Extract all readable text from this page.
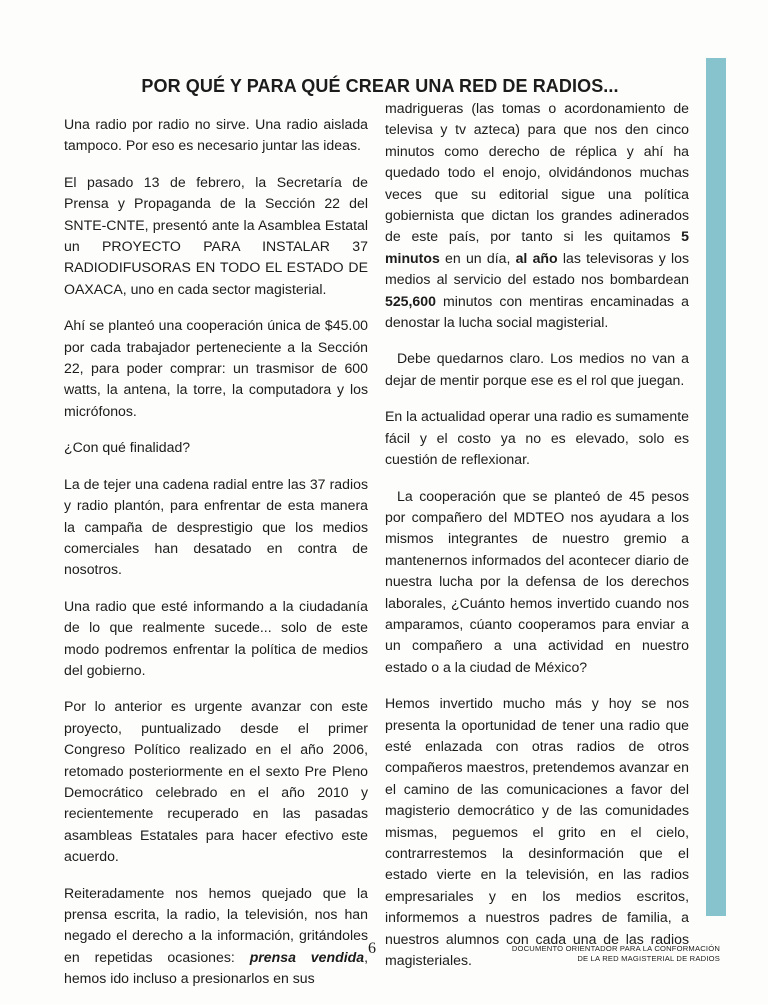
POR QUÉ Y PARA QUÉ CREAR UNA RED DE RADIOS...

Una radio por radio no sirve. Una radio aislada tampoco. Por eso es necesario juntar las ideas.

El pasado 13 de febrero, la Secretaría de Prensa y Propaganda de la Sección 22 del SNTE-CNTE, presentó ante la Asamblea Estatal un PROYECTO PARA INSTALAR 37 RADIODIFUSORAS EN TODO EL ESTADO DE OAXACA, uno en cada sector magisterial.

Ahí se planteó una cooperación única de $45.00 por cada trabajador perteneciente a la Sección 22, para poder comprar: un trasmisor de 600 watts, la antena, la torre, la computadora y los micrófonos.

¿Con qué finalidad?

La de tejer una cadena radial entre las 37 radios y radio plantón, para enfrentar de esta manera la campaña de desprestigio que los medios comerciales han desatado en contra de nosotros.

Una radio que esté informando a la ciudadanía de lo que realmente sucede... solo de este modo podremos enfrentar la política de medios del gobierno.

Por lo anterior es urgente avanzar con este proyecto, puntualizado desde el primer Congreso Político realizado en el año 2006, retomado posteriormente en el sexto Pre Pleno Democrático celebrado en el año 2010 y recientemente recuperado en las pasadas asambleas Estatales para hacer efectivo este acuerdo.

Reiteradamente nos hemos quejado que la prensa escrita, la radio, la televisión, nos han negado el derecho a la información, gritándoles en repetidas ocasiones: prensa vendida, hemos ido incluso a presionarlos en sus

madrigueras (las tomas o acordonamiento de televisa y tv azteca) para que nos den cinco minutos como derecho de réplica y ahí ha quedado todo el enojo, olvidándonos muchas veces que su editorial sigue una política gobiernista que dictan los grandes adinerados de este país, por tanto si les quitamos 5 minutos en un día, al año las televisoras y los medios al servicio del estado nos bombardean 525,600 minutos con mentiras encaminadas a denostar la lucha social magisterial.

Debe quedarnos claro. Los medios no van a dejar de mentir porque ese es el rol que juegan.

En la actualidad operar una radio es sumamente fácil y el costo ya no es elevado, solo es cuestión de reflexionar.

La cooperación que se planteó de 45 pesos por compañero del MDTEO nos ayudara a los mismos integrantes de nuestro gremio a mantenernos informados del acontecer diario de nuestra lucha por la defensa de los derechos laborales, ¿Cuánto hemos invertido cuando nos amparamos, cúanto cooperamos para enviar a un compañero a una actividad en nuestro estado o a la ciudad de México?

Hemos invertido mucho más y hoy se nos presenta la oportunidad de tener una radio que esté enlazada con otras radios de otros compañeros maestros, pretendemos avanzar en el camino de las comunicaciones a favor del magisterio democrático y de las comunidades mismas, peguemos el grito en el cielo, contrarrestemos la desinformación que el estado vierte en la televisión, en las radios empresariales y en los medios escritos, informemos a nuestros padres de familia, a nuestros alumnos con cada una de las radios magisteriales.

6	DOCUMENTO ORIENTADOR PARA LA CONFORMACIÓN
DE LA RED MAGISTERIAL DE RADIOS
